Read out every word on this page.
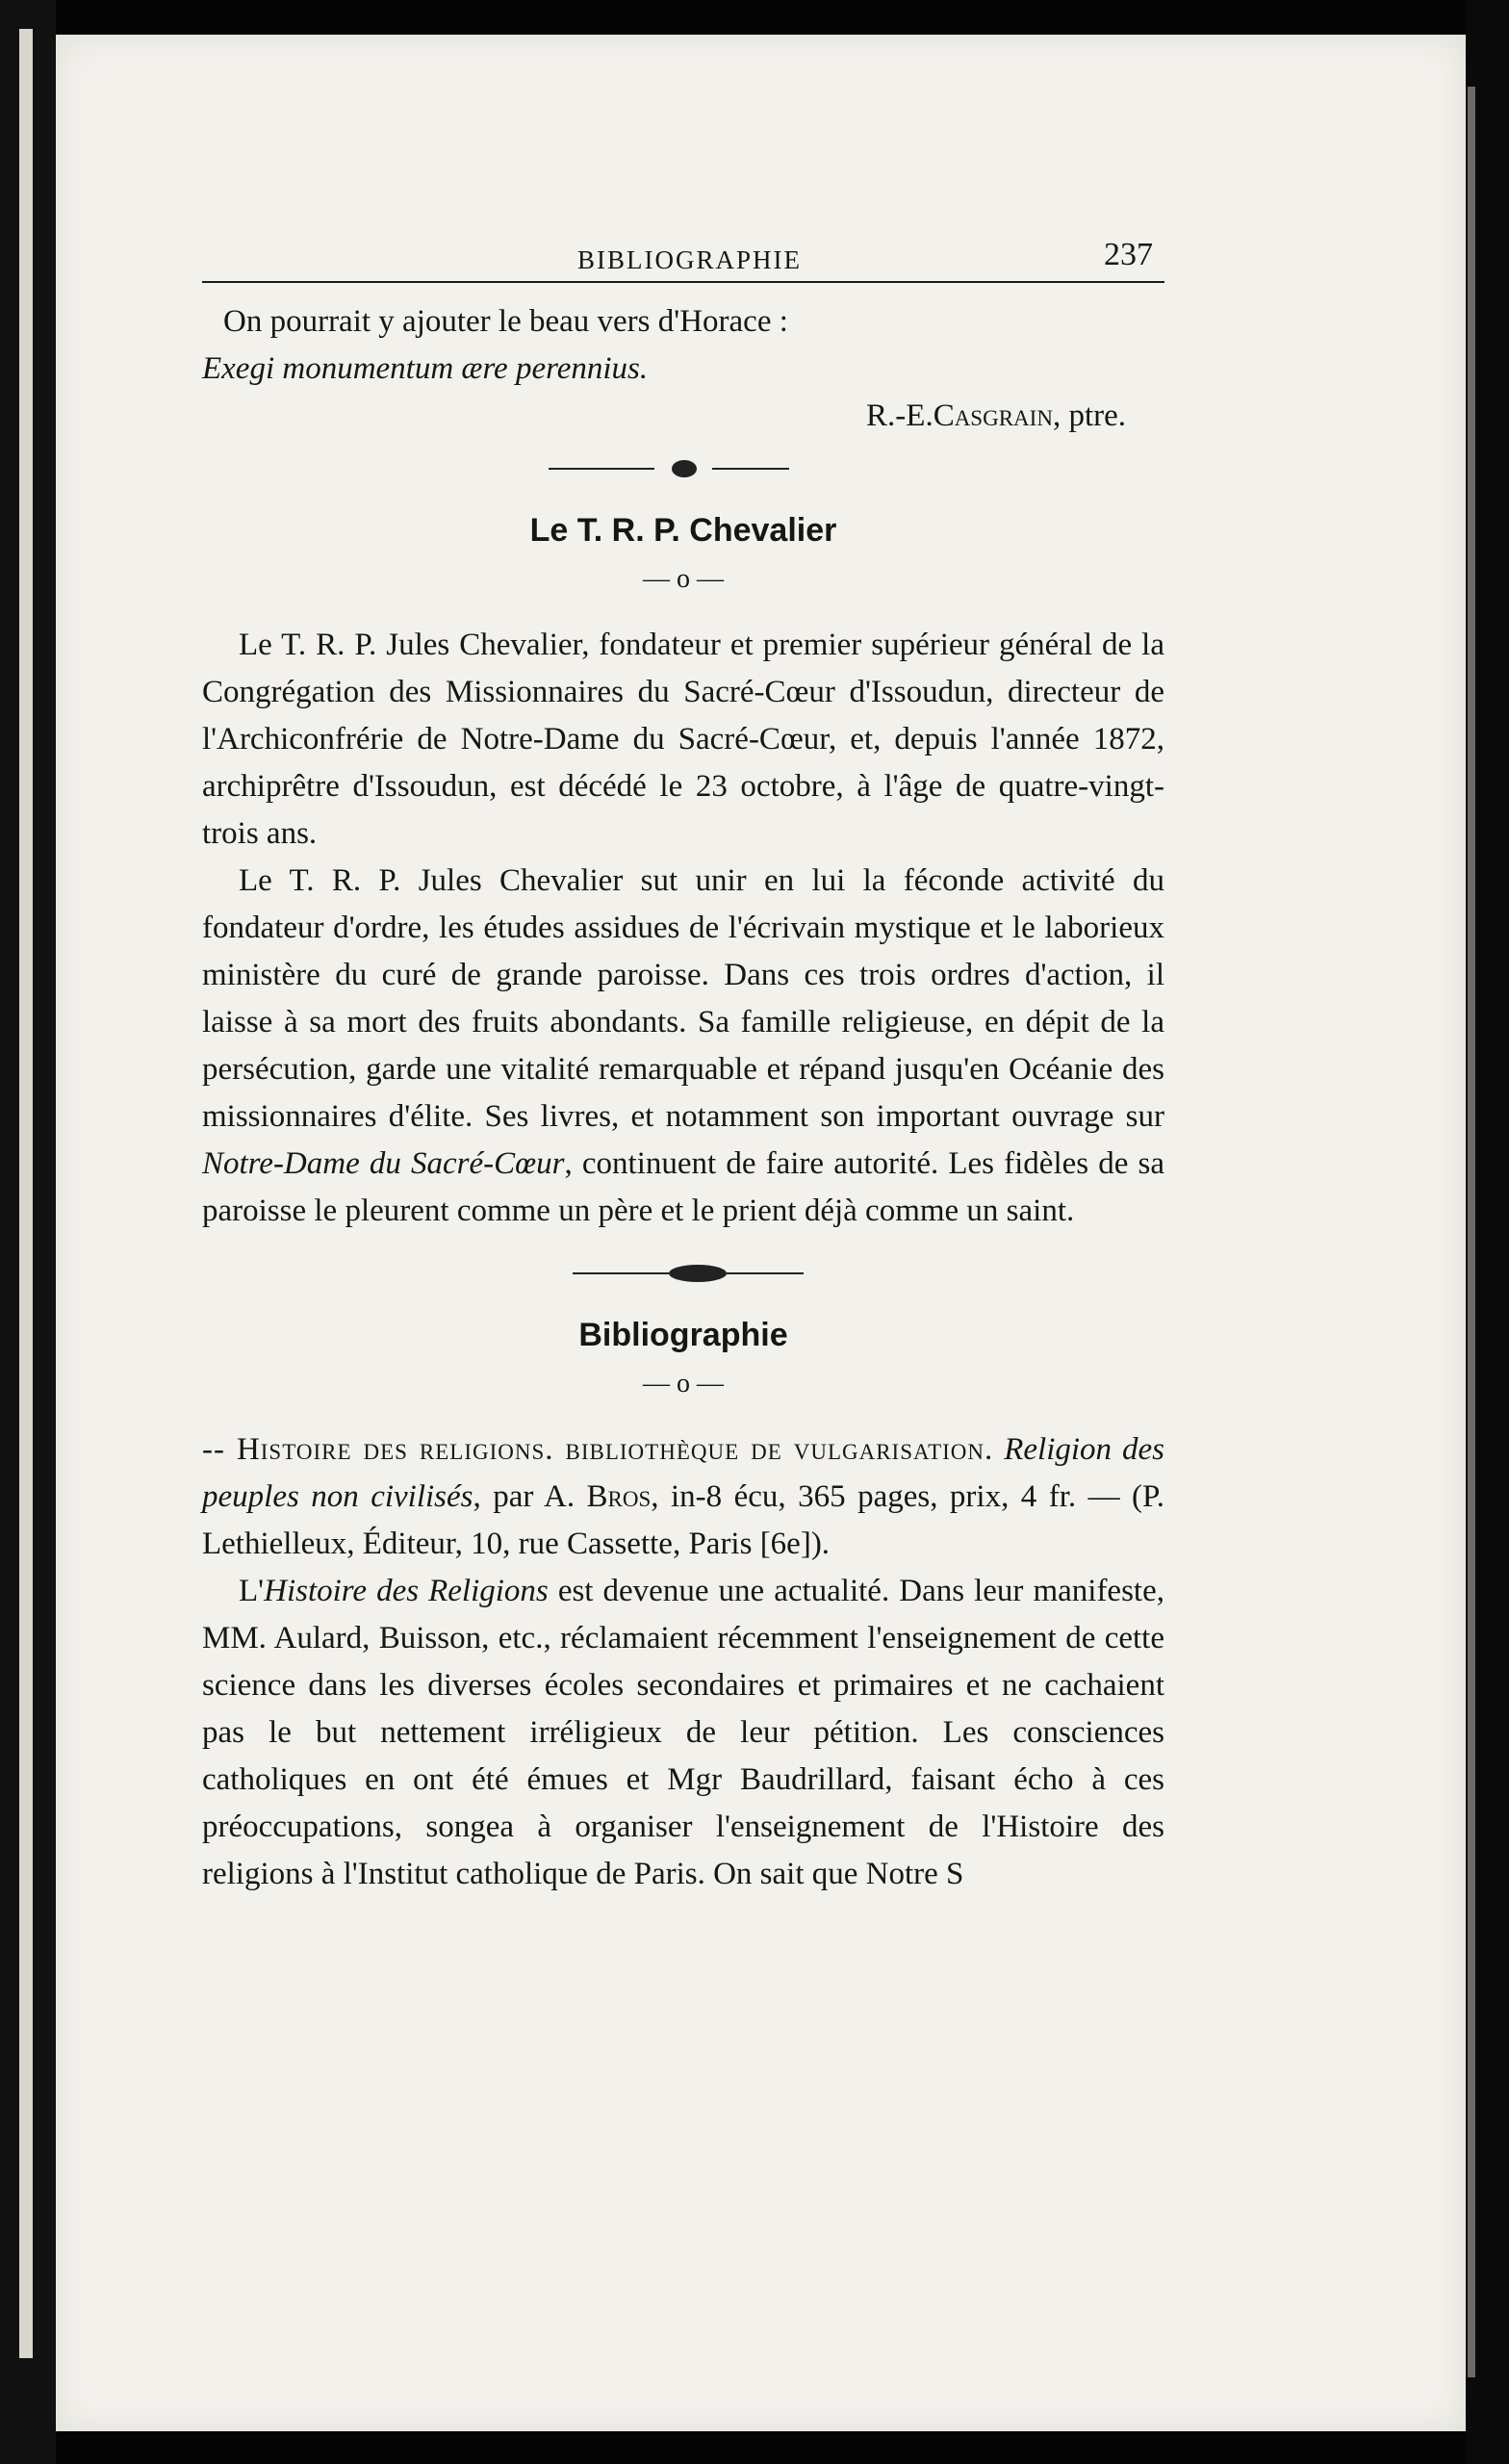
BIBLIOGRAPHIE	237

On pourrait y ajouter le beau vers d'Horace :

Exegi monumentum ære perennius.

R.-E.Casgrain, ptre.

Le T. R. P. Chevalier
— o —

Le T. R. P. Jules Chevalier, fondateur et premier supérieur général de la Congrégation des Missionnaires du Sacré-Cœur d'Issoudun, directeur de l'Archiconfrérie de Notre-Dame du Sacré-Cœur, et, depuis l'année 1872, archiprêtre d'Issoudun, est décédé le 23 octobre, à l'âge de quatre-vingt-trois ans.

Le T. R. P. Jules Chevalier sut unir en lui la féconde activité du fondateur d'ordre, les études assidues de l'écrivain mystique et le laborieux ministère du curé de grande paroisse. Dans ces trois ordres d'action, il laisse à sa mort des fruits abondants. Sa famille religieuse, en dépit de la persécution, garde une vitalité remarquable et répand jusqu'en Océanie des missionnaires d'élite. Ses livres, et notamment son important ouvrage sur Notre-Dame du Sacré-Cœur, continuent de faire autorité. Les fidèles de sa paroisse le pleurent comme un père et le prient déjà comme un saint.

Bibliographie
— o —

-- Histoire des religions. bibliothèque de vulgarisation. Religion des peuples non civilisés, par A. Bros, in-8 écu, 365 pages, prix, 4 fr. — (P. Lethielleux, Éditeur, 10, rue Cassette, Paris [6e]).

L'Histoire des Religions est devenue une actualité. Dans leur manifeste, MM. Aulard, Buisson, etc., réclamaient récemment l'enseignement de cette science dans les diverses écoles secondaires et primaires et ne cachaient pas le but nettement irréligieux de leur pétition. Les consciences catholiques en ont été émues et Mgr Baudrillard, faisant écho à ces préoccupations, songea à organiser l'enseignement de l'Histoire des religions à l'Institut catholique de Paris. On sait que Notre S
